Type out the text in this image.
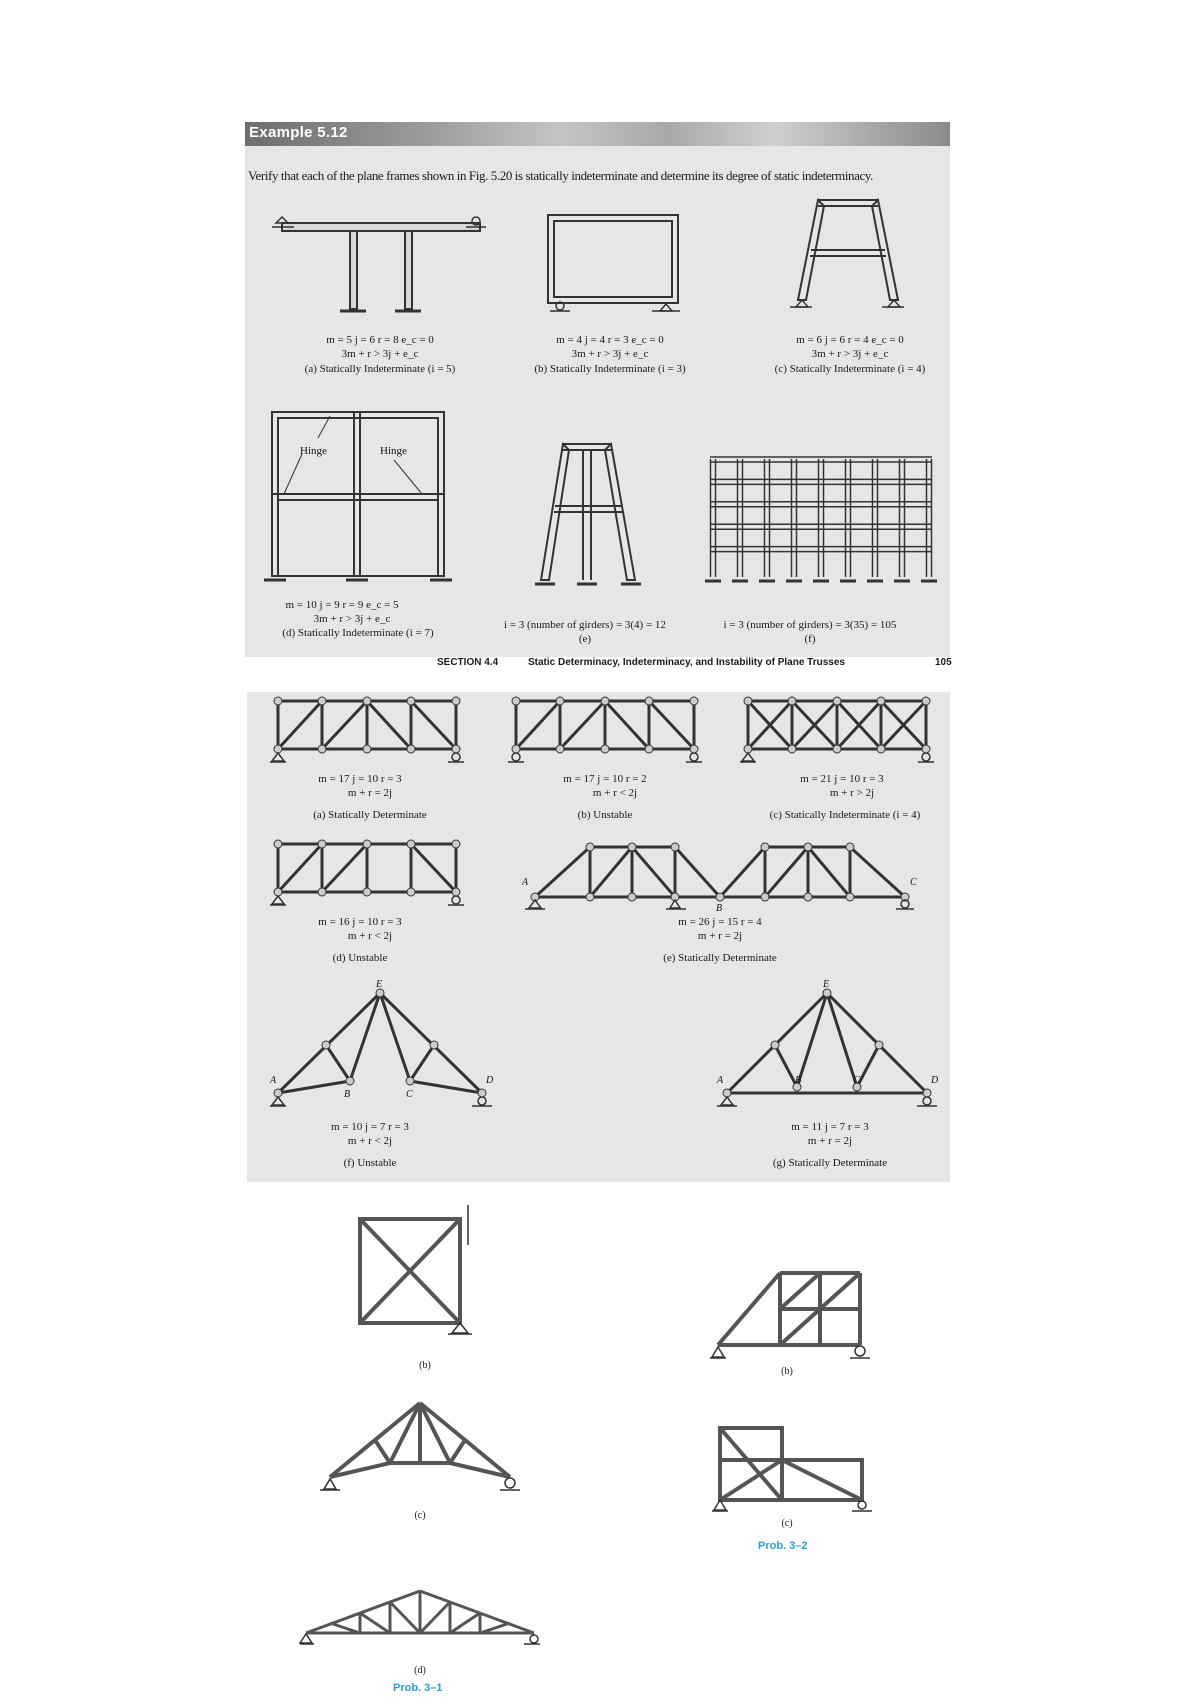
Example 5.12
Verify that each of the plane frames shown in Fig. 5.20 is statically indeterminate and determine its degree of static indeterminacy.
m = 5 j = 6 r = 8 e_c = 0
3m + r > 3j + e_c
(a) Statically Indeterminate (i = 5)
m = 4 j = 4 r = 3 e_c = 0
3m + r > 3j + e_c
(b) Statically Indeterminate (i = 3)
m = 6 j = 6 r = 4 e_c = 0
3m + r > 3j + e_c
(c) Statically Indeterminate (i = 4)
Hinge	Hinge
m = 10 j = 9 r = 9 e_c = 5
3m + r > 3j + e_c
(d) Statically Indeterminate (i = 7)
i = 3 (number of girders) = 3(4) = 12
(e)
i = 3 (number of girders) = 3(35) = 105
(f)
SECTION 4.4	Static Determinacy, Indeterminacy, and Instability of Plane Trusses	105
m = 17 j = 10 r = 3
m + r = 2j
(a) Statically Determinate
m = 17 j = 10 r = 2
m + r < 2j
(b) Unstable
m = 21 j = 10 r = 3
m + r > 2j
(c) Statically Indeterminate (i = 4)
m = 16 j = 10 r = 3
m + r < 2j
(d) Unstable
A
B
C
m = 26 j = 15 r = 4
m + r = 2j
(e) Statically Determinate
E
A
B	C
D
m = 10 j = 7 r = 3
m + r < 2j
(f) Unstable
E
A	B	C	D
m = 11 j = 7 r = 3
m + r = 2j
(g) Statically Determinate
(b)
(b)
(c)
(c)
Prob. 3–2
(d)
Prob. 3–1
